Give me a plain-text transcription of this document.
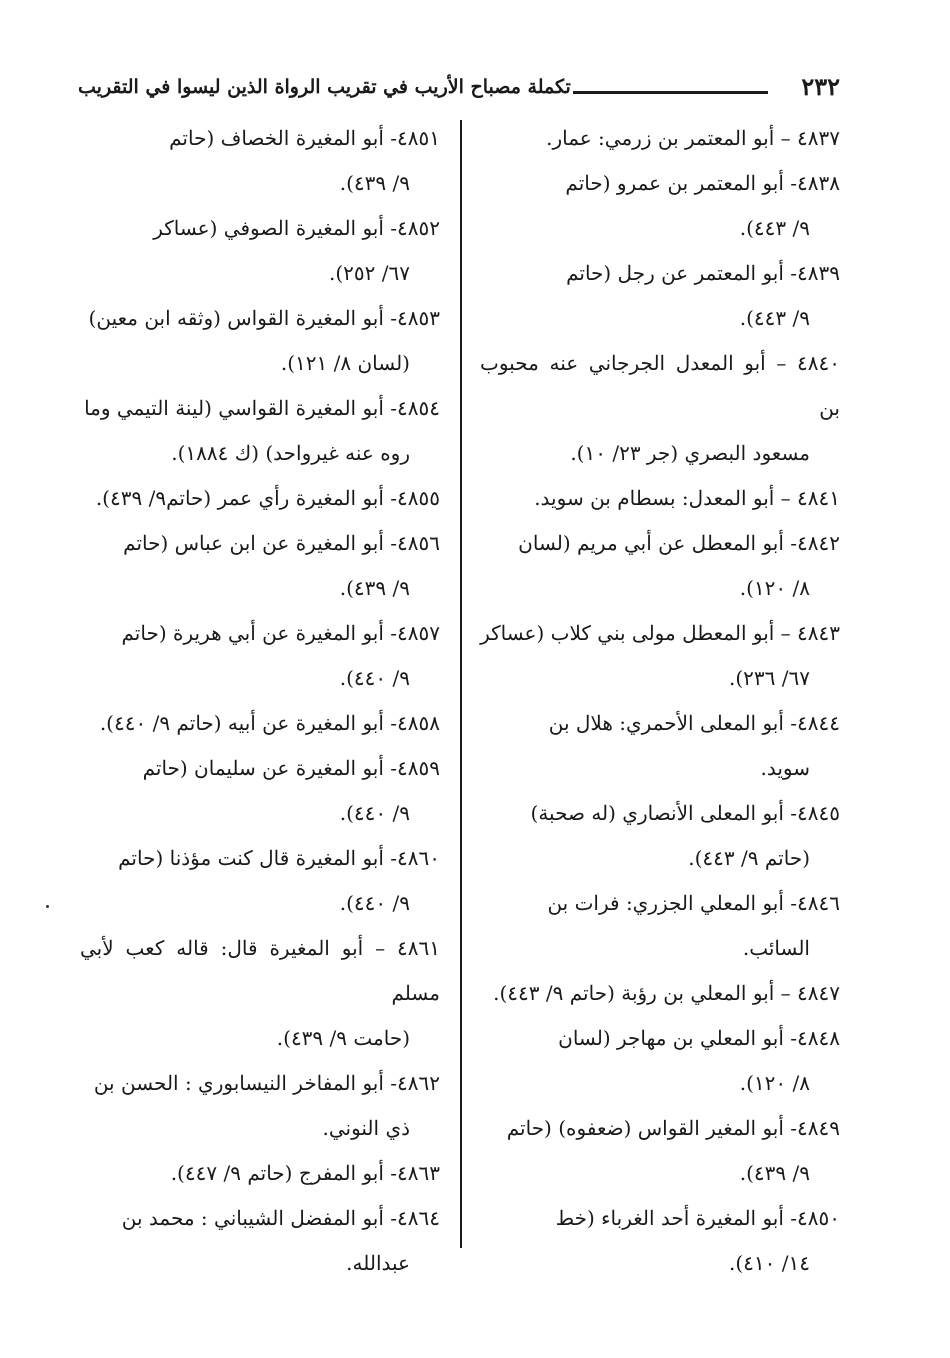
٢٣٢
تكملة مصباح الأريب في تقريب الرواة الذين ليسوا في التقريب
٤٨٣٧ – أبو المعتمر بن زرمي: عمار.
٤٨٣٨- أبو المعتمر بن عمرو (حاتم
٩/ ٤٤٣).
٤٨٣٩- أبو المعتمر عن رجل (حاتم
٩/ ٤٤٣).
٤٨٤٠ – أبو المعدل الجرجاني عنه محبوب بن
مسعود البصري (جر ٢٣/ ١٠).
٤٨٤١ – أبو المعدل: بسطام بن سويد.
٤٨٤٢- أبو المعطل عن أبي مريم (لسان
٨/ ١٢٠).
٤٨٤٣ – أبو المعطل مولى بني كلاب (عساكر
٦٧/ ٢٣٦).
٤٨٤٤- أبو المعلى الأحمري: هلال بن
سويد.
٤٨٤٥- أبو المعلى الأنصاري (له صحبة)
(حاتم ٩/ ٤٤٣).
٤٨٤٦- أبو المعلي الجزري: فرات بن
السائب.
٤٨٤٧ – أبو المعلي بن رؤبة (حاتم ٩/ ٤٤٣).
٤٨٤٨- أبو المعلي بن مهاجر (لسان
٨/ ١٢٠).
٤٨٤٩- أبو المغير القواس (ضعفوه) (حاتم
٩/ ٤٣٩).
٤٨٥٠- أبو المغيرة أحد الغرباء (خط
١٤/ ٤١٠).
٤٨٥١- أبو المغيرة الخصاف (حاتم
٩/ ٤٣٩).
٤٨٥٢- أبو المغيرة الصوفي (عساكر
٦٧/ ٢٥٢).
٤٨٥٣- أبو المغيرة القواس (وثقه ابن معين)
(لسان ٨/ ١٢١).
٤٨٥٤- أبو المغيرة القواسي (لينة التيمي وما
روه عنه غيرواحد) (ك ١٨٨٤).
٤٨٥٥- أبو المغيرة رأي عمر (حاتم٩/ ٤٣٩).
٤٨٥٦- أبو المغيرة عن ابن عباس (حاتم
٩/ ٤٣٩).
٤٨٥٧- أبو المغيرة عن أبي هريرة (حاتم
٩/ ٤٤٠).
٤٨٥٨- أبو المغيرة عن أبيه (حاتم ٩/ ٤٤٠).
٤٨٥٩- أبو المغيرة عن سليمان (حاتم
٩/ ٤٤٠).
٤٨٦٠- أبو المغيرة قال كنت مؤذنا (حاتم
٩/ ٤٤٠).
٤٨٦١ – أبو المغيرة قال: قاله كعب لأبي مسلم
(حامت ٩/ ٤٣٩).
٤٨٦٢- أبو المفاخر النيسابوري : الحسن بن
ذي النوني.
٤٨٦٣- أبو المفرج (حاتم ٩/ ٤٤٧).
٤٨٦٤- أبو المفضل الشيباني : محمد بن
عبدالله.
